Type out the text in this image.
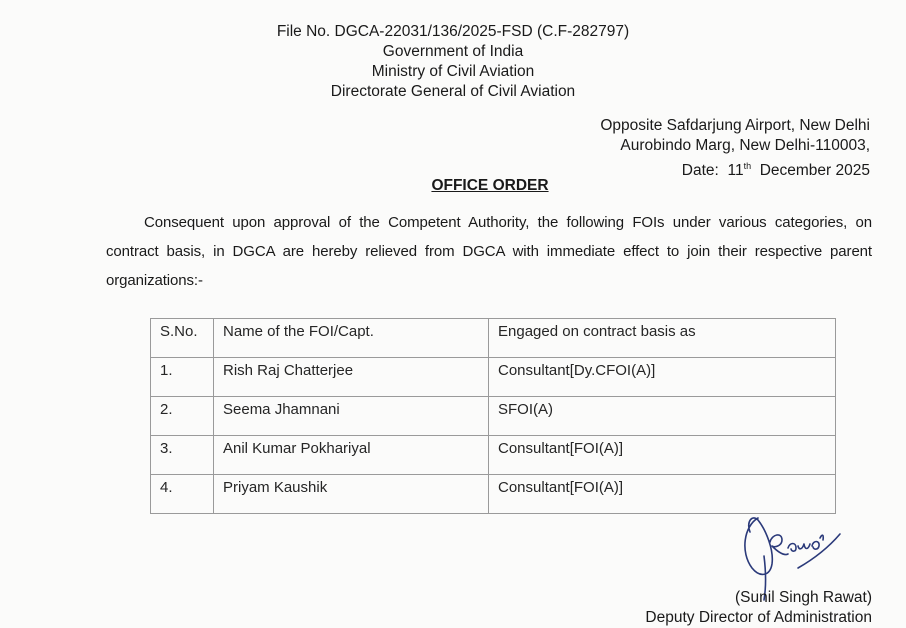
File No. DGCA-22031/136/2025-FSD (C.F-282797)
Government of India
Ministry of Civil Aviation
Directorate General of Civil Aviation
Opposite Safdarjung Airport, New Delhi
Aurobindo Marg, New Delhi-110003,
Date: 11th December 2025
OFFICE ORDER
Consequent upon approval of the Competent Authority, the following FOIs under various categories, on contract basis, in DGCA are hereby relieved from DGCA with immediate effect to join their respective parent organizations:-
S.No.	Name of the FOI/Capt.	Engaged on contract basis as
1.	Rish Raj Chatterjee	Consultant[Dy.CFOI(A)]
2.	Seema Jhamnani	SFOI(A)
3.	Anil Kumar Pokhariyal	Consultant[FOI(A)]
4.	Priyam Kaushik	Consultant[FOI(A)]
(Sunil Singh Rawat)
Deputy Director of Administration
